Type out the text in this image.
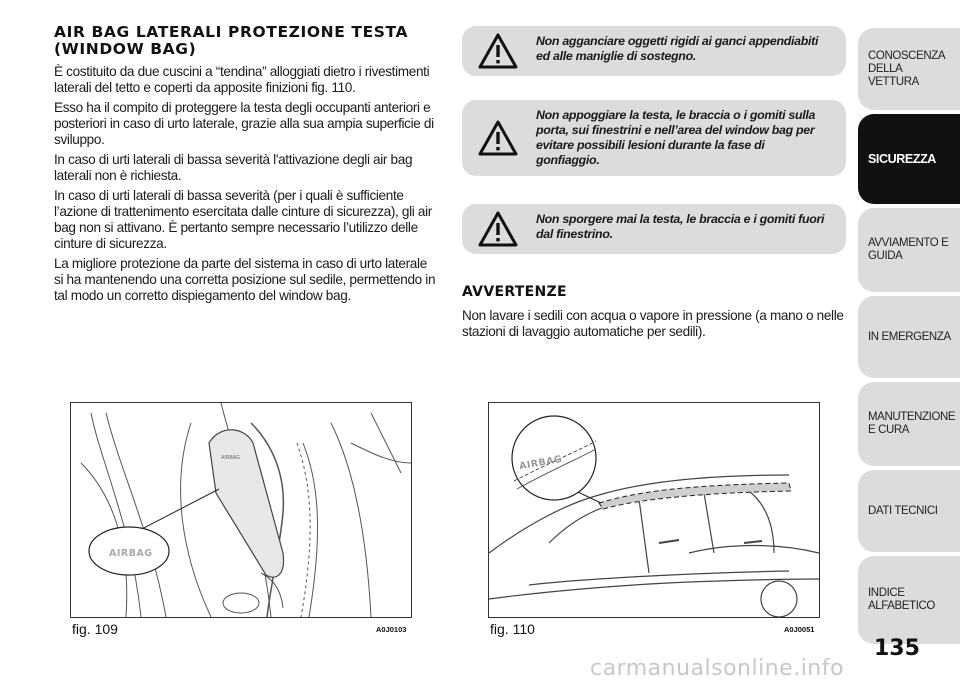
AIR BAG LATERALI PROTEZIONE TESTA (WINDOW BAG)

È costituito da due cuscini a “tendina” alloggiati dietro i rivestimenti laterali del tetto e coperti da apposite finizioni fig. 110.

Esso ha il compito di proteggere la testa degli occupanti anteriori e posteriori in caso di urto laterale, grazie alla sua ampia superficie di sviluppo.

In caso di urti laterali di bassa severità l'attivazione degli air bag laterali non è richiesta.

In caso di urti laterali di bassa severità (per i quali è sufficiente l’azione di trattenimento esercitata dalle cinture di sicurezza), gli air bag non si attivano. È pertanto sempre necessario l’utilizzo delle cinture di sicurezza.

La migliore protezione da parte del sistema in caso di urto laterale si ha mantenendo una corretta posizione sul sedile, permettendo in tal modo un corretto dispiegamento del window bag.

Non agganciare oggetti rigidi ai ganci appendiabiti ed alle maniglie di sostegno.
Non appoggiare la testa, le braccia o i gomiti sulla porta, sui finestrini e nell’area del window bag per evitare possibili lesioni durante la fase di gonfiaggio.
Non sporgere mai la testa, le braccia e i gomiti fuori dal finestrino.
AVVERTENZE

Non lavare i sedili con acqua o vapore in pressione (a mano o nelle stazioni di lavaggio automatiche per sedili).

AIRBAG
AIRBAG
fig. 109	A0J0103
AIRBAG
fig. 110	A0J0051
CONOSCENZA DELLA VETTURA
SICUREZZA
AVVIAMENTO E GUIDA
IN EMERGENZA
MANUTENZIONE E CURA
DATI TECNICI
INDICE ALFABETICO
135
carmanualsonline.info
